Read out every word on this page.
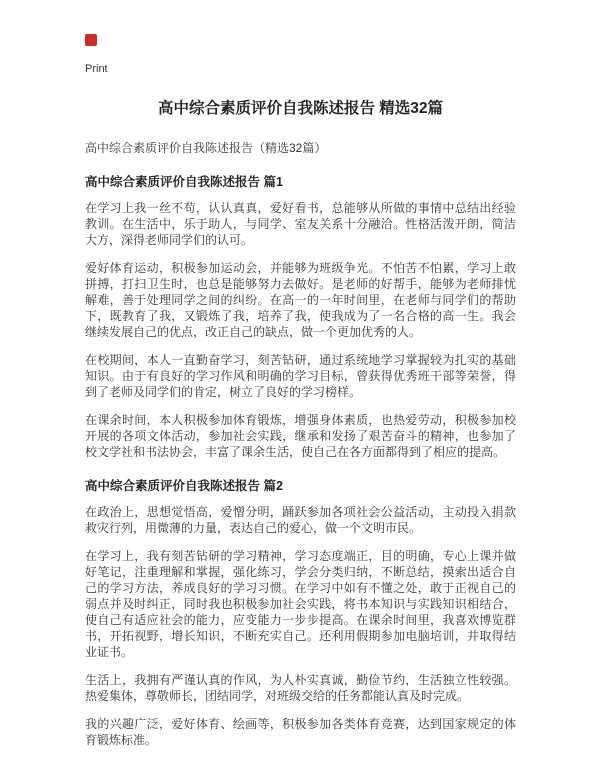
Print
高中综合素质评价自我陈述报告 精选32篇

高中综合素质评价自我陈述报告（精选32篇）

高中综合素质评价自我陈述报告 篇1

在学习上我一丝不苟，认认真真，爱好看书，总能够从所做的事情中总结出经验教训。在生活中，乐于助人，与同学、室友关系十分融洽。性格活泼开朗，简洁大方，深得老师同学们的认可。

爱好体育运动，积极参加运动会，并能够为班级争光。不怕苦不怕累，学习上敢拼搏，打扫卫生时，也总是能够努力去做好。是老师的好帮手，能够为老师排忧解难，善于处理同学之间的纠纷。在高一的一年时间里，在老师与同学们的帮助下，既教育了我，又锻炼了我，培养了我，使我成为了一名合格的高一生。我会继续发展自己的优点，改正自己的缺点，做一个更加优秀的人。

在校期间，本人一直勤奋学习，刻苦钻研，通过系统地学习掌握较为扎实的基础知识。由于有良好的学习作风和明确的学习目标，曾获得优秀班干部等荣誉，得到了老师及同学们的肯定，树立了良好的学习榜样。

在课余时间，本人积极参加体育锻炼，增强身体素质，也热爱劳动，积极参加校开展的各项文体活动，参加社会实践，继承和发扬了艰苦奋斗的精神，也参加了校文学社和书法协会，丰富了课余生活，使自己在各方面都得到了相应的提高。

高中综合素质评价自我陈述报告 篇2

在政治上，思想觉悟高，爱憎分明，踊跃参加各项社会公益活动，主动投入捐款救灾行列，用微薄的力量，表达自己的爱心，做一个文明市民。

在学习上，我有刻苦钻研的学习精神，学习态度端正，目的明确，专心上课并做好笔记，注重理解和掌握，强化练习，学会分类归纳，不断总结，摸索出适合自己的学习方法，养成良好的学习习惯。在学习中如有不懂之处，敢于正视自己的弱点并及时纠正，同时我也积极参加社会实践，将书本知识与实践知识相结合，使自己有适应社会的能力，应变能力一步步提高。在课余时间里，我喜欢博览群书，开拓视野，增长知识，不断充实自己。还利用假期参加电脑培训，并取得结业证书。

生活上，我拥有严谨认真的作风，为人朴实真诚，勤俭节约，生活独立性较强。热爱集体，尊敬师长，团结同学，对班级交给的任务都能认真及时完成。

我的兴趣广泛，爱好体育、绘画等，积极参加各类体育竞赛，达到国家规定的体育锻炼标准。
